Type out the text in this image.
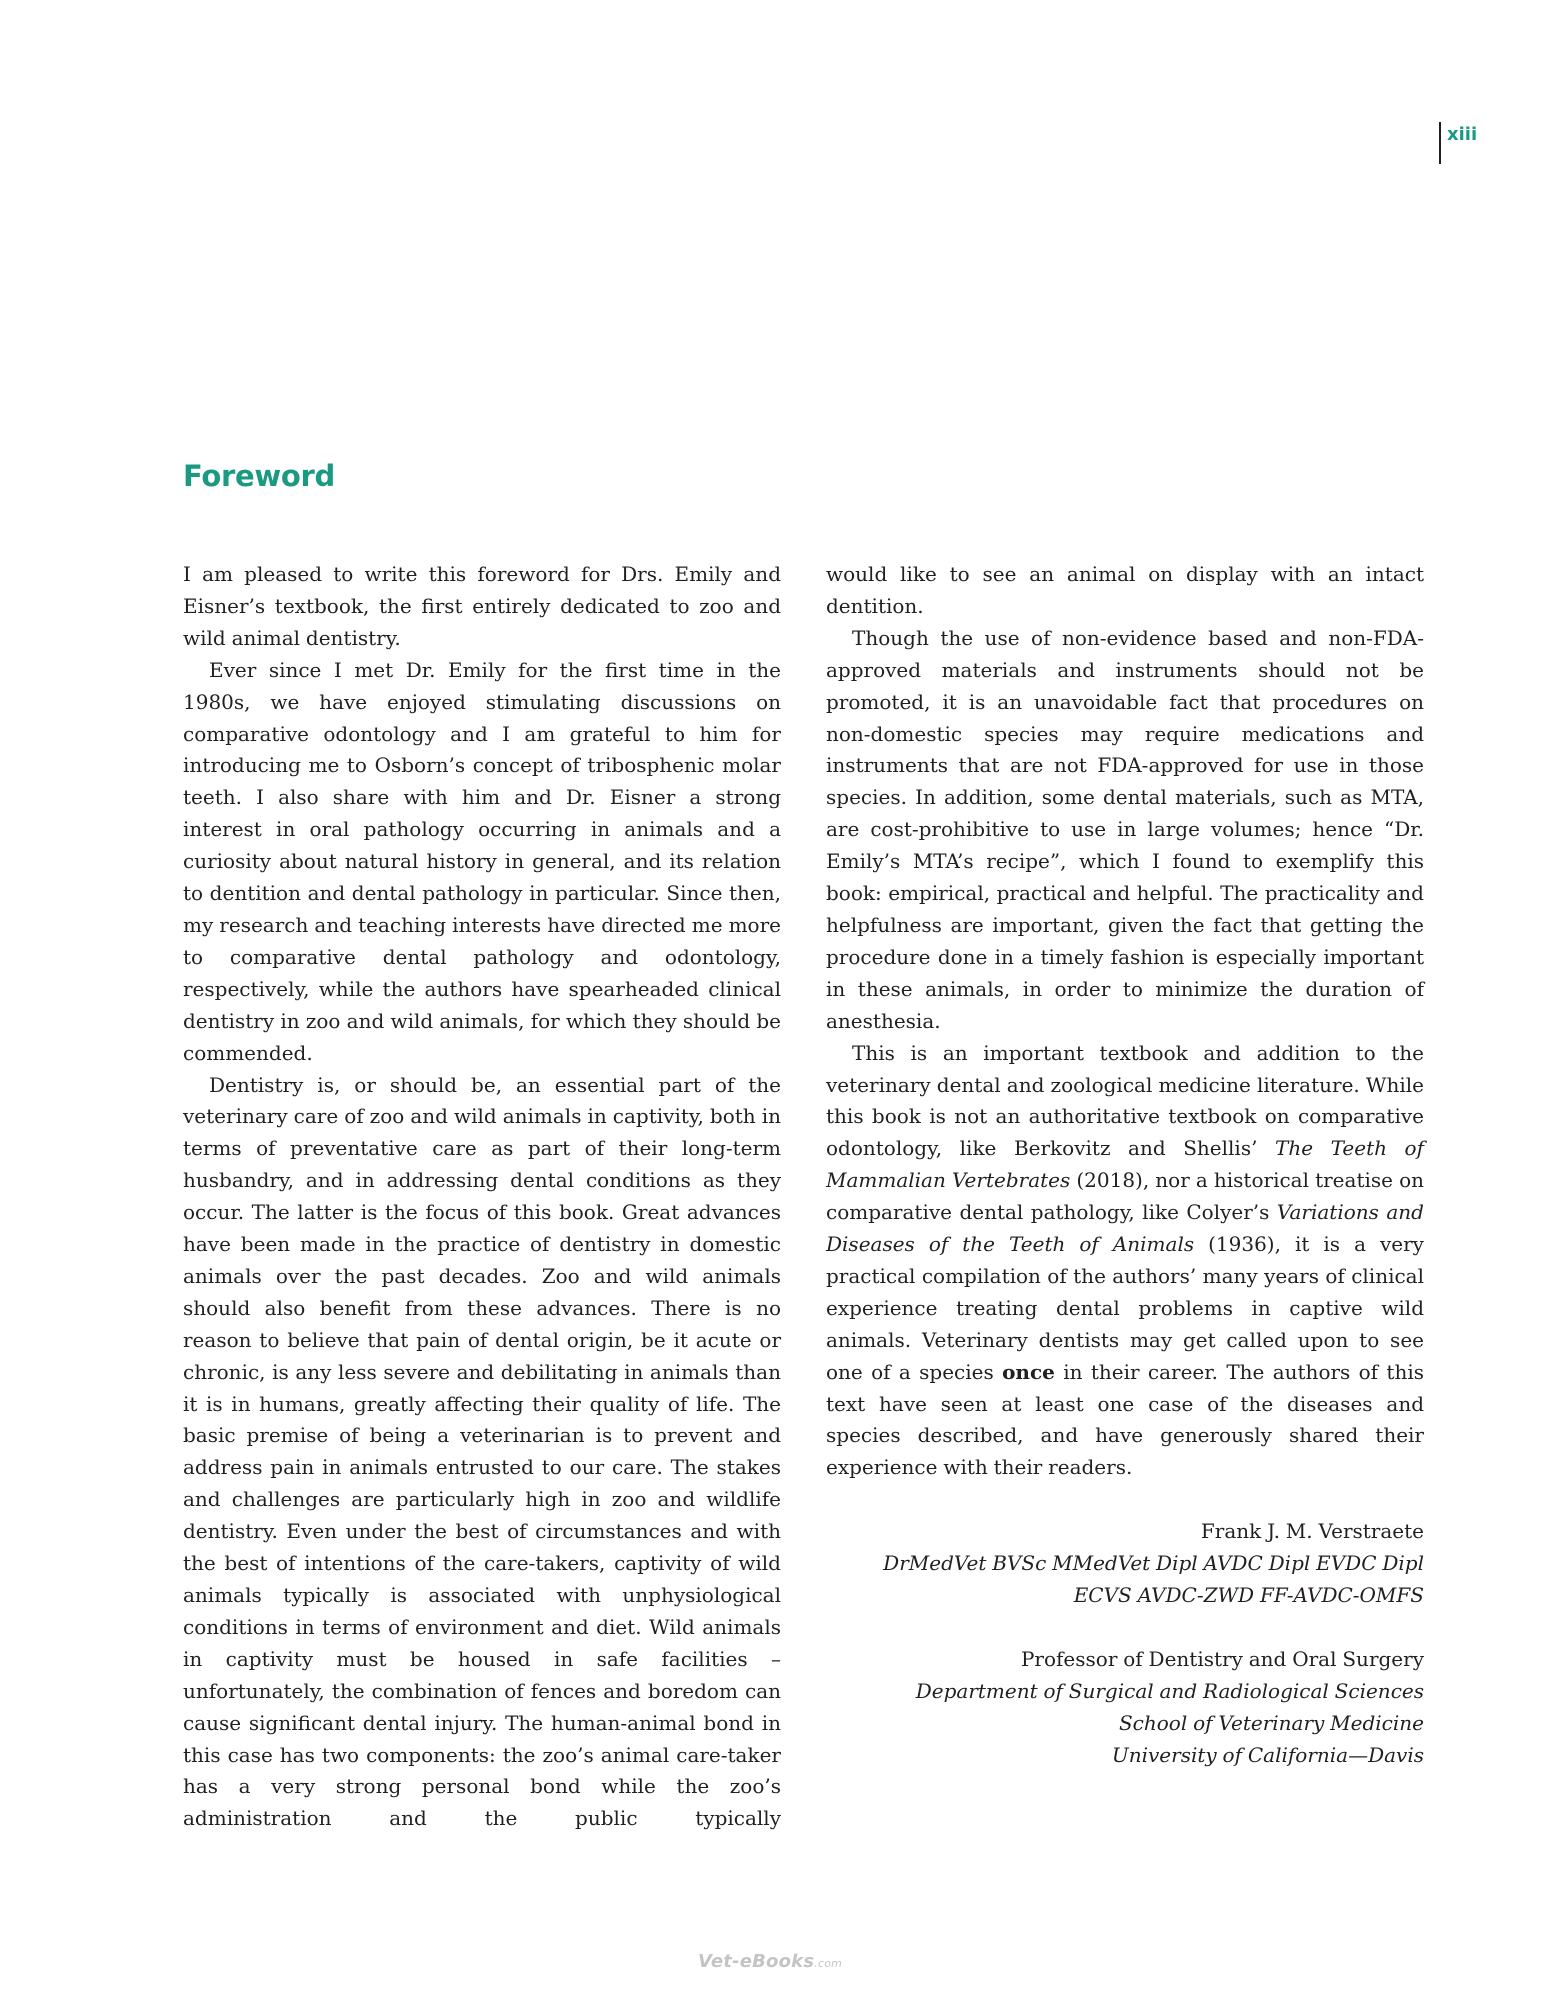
xiii
Foreword

I am pleased to write this foreword for Drs. Emily and Eisner’s textbook, the first entirely dedicated to zoo and wild animal dentistry.

Ever since I met Dr. Emily for the first time in the 1980s, we have enjoyed stimulating discussions on comparative odontology and I am grateful to him for introducing me to Osborn’s concept of tribosphenic molar teeth. I also share with him and Dr. Eisner a strong interest in oral pathology occurring in animals and a curiosity about natural history in general, and its relation to dentition and dental pathology in particular. Since then, my research and teaching interests have directed me more to comparative dental pathology and odontology, respectively, while the authors have spearheaded clinical dentistry in zoo and wild animals, for which they should be commended.

Dentistry is, or should be, an essential part of the veterinary care of zoo and wild animals in captivity, both in terms of preventative care as part of their long-term husbandry, and in addressing dental conditions as they occur. The latter is the focus of this book. Great advances have been made in the practice of dentistry in domestic animals over the past decades. Zoo and wild animals should also benefit from these advances. There is no reason to believe that pain of dental origin, be it acute or chronic, is any less severe and debilitating in animals than it is in humans, greatly affecting their quality of life. The basic premise of being a veterinarian is to prevent and address pain in animals entrusted to our care. The stakes and challenges are particularly high in zoo and wildlife dentistry. Even under the best of circumstances and with the best of intentions of the care-takers, captivity of wild animals typically is associated with unphysiological conditions in terms of environment and diet. Wild animals in captivity must be housed in safe facilities – unfortunately, the combination of fences and boredom can cause significant dental injury. The human-animal bond in this case has two components: the zoo’s animal care-taker has a very strong personal bond while the zoo’s administration and the public typically

would like to see an animal on display with an intact dentition.

Though the use of non-evidence based and non-FDA-approved materials and instruments should not be promoted, it is an unavoidable fact that procedures on non-domestic species may require medications and instruments that are not FDA-approved for use in those species. In addition, some dental materials, such as MTA, are cost-prohibitive to use in large volumes; hence “Dr. Emily’s MTA’s recipe”, which I found to exemplify this book: empirical, practical and helpful. The practicality and helpfulness are important, given the fact that getting the procedure done in a timely fashion is especially important in these animals, in order to minimize the duration of anesthesia.

This is an important textbook and addition to the veterinary dental and zoological medicine literature. While this book is not an authoritative textbook on comparative odontology, like Berkovitz and Shellis’ The Teeth of Mammalian Vertebrates (2018), nor a historical treatise on comparative dental pathology, like Colyer’s Variations and Diseases of the Teeth of Animals (1936), it is a very practical compilation of the authors’ many years of clinical experience treating dental problems in captive wild animals. Veterinary dentists may get called upon to see one of a species once in their career. The authors of this text have seen at least one case of the diseases and species described, and have generously shared their experience with their readers.

Frank J. M. Verstraete
DrMedVet BVSc MMedVet Dipl AVDC Dipl EVDC Dipl
ECVS AVDC-ZWD FF-AVDC-OMFS
Professor of Dentistry and Oral Surgery
Department of Surgical and Radiological Sciences
School of Veterinary Medicine
University of California—Davis
Vet-eBooks.com
